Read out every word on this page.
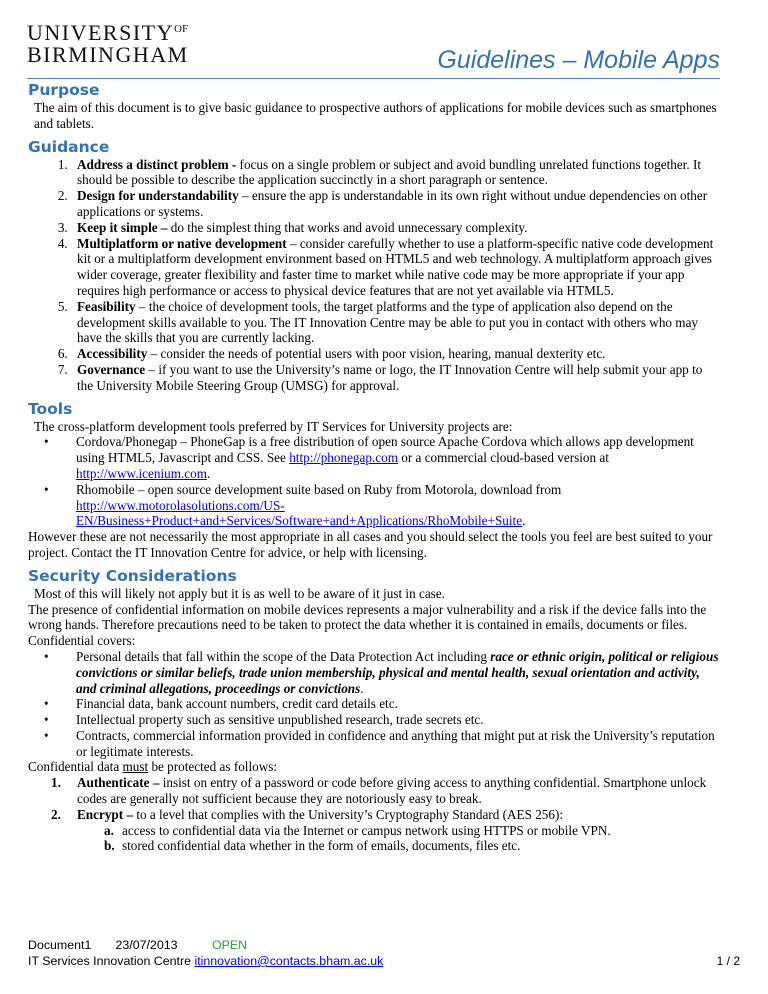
$UNIVERSITY^{OF}$
BIRMINGHAM	Guidelines – Mobile Apps
Purpose

The aim of this document is to give basic guidance to prospective authors of applications for mobile devices such as smartphones and tablets.

Guidance
1. Address a distinct problem - focus on a single problem or subject and avoid bundling unrelated functions together. It should be possible to describe the application succinctly in a short paragraph or sentence.
2. Design for understandability – ensure the app is understandable in its own right without undue dependencies on other applications or systems.
3. Keep it simple – do the simplest thing that works and avoid unnecessary complexity.
4. Multiplatform or native development – consider carefully whether to use a platform-specific native code development kit or a multiplatform development environment based on HTML5 and web technology. A multiplatform approach gives wider coverage, greater flexibility and faster time to market while native code may be more appropriate if your app requires high performance or access to physical device features that are not yet available via HTML5.
5. Feasibility – the choice of development tools, the target platforms and the type of application also depend on the development skills available to you. The IT Innovation Centre may be able to put you in contact with others who may have the skills that you are currently lacking.
6. Accessibility – consider the needs of potential users with poor vision, hearing, manual dexterity etc.
7. Governance – if you want to use the University’s name or logo, the IT Innovation Centre will help submit your app to the University Mobile Steering Group (UMSG) for approval.
Tools

The cross-platform development tools preferred by IT Services for University projects are:

• Cordova/Phonegap – PhoneGap is a free distribution of open source Apache Cordova which allows app development using HTML5, Javascript and CSS. See http://phonegap.com or a commercial cloud-based version at http://www.icenium.com.
• Rhomobile – open source development suite based on Ruby from Motorola, download from
http://www.motorolasolutions.com/US-
EN/Business+Product+and+Services/Software+and+Applications/RhoMobile+Suite.

However these are not necessarily the most appropriate in all cases and you should select the tools you feel are best suited to your project. Contact the IT Innovation Centre for advice, or help with licensing.

Security Considerations

Most of this will likely not apply but it is as well to be aware of it just in case.

The presence of confidential information on mobile devices represents a major vulnerability and a risk if the device falls into the wrong hands. Therefore precautions need to be taken to protect the data whether it is contained in emails, documents or files. Confidential covers:

• Personal details that fall within the scope of the Data Protection Act including race or ethnic origin, political or religious convictions or similar beliefs, trade union membership, physical and mental health, sexual orientation and activity, and criminal allegations, proceedings or convictions.
• Financial data, bank account numbers, credit card details etc.
• Intellectual property such as sensitive unpublished research, trade secrets etc.
• Contracts, commercial information provided in confidence and anything that might put at risk the University’s reputation or legitimate interests.

Confidential data must be protected as follows:

1. Authenticate – insist on entry of a password or code before giving access to anything confidential. Smartphone unlock codes are generally not sufficient because they are notoriously easy to break.
2. Encrypt – to a level that complies with the University’s Cryptography Standard (AES 256):
a. access to confidential data via the Internet or campus network using HTTPS or mobile VPN.
b. stored confidential data whether in the form of emails, documents, files etc.
Document1 23/07/2013	OPEN
IT Services Innovation Centre itinnovation@contacts.bham.ac.uk	1 / 2
